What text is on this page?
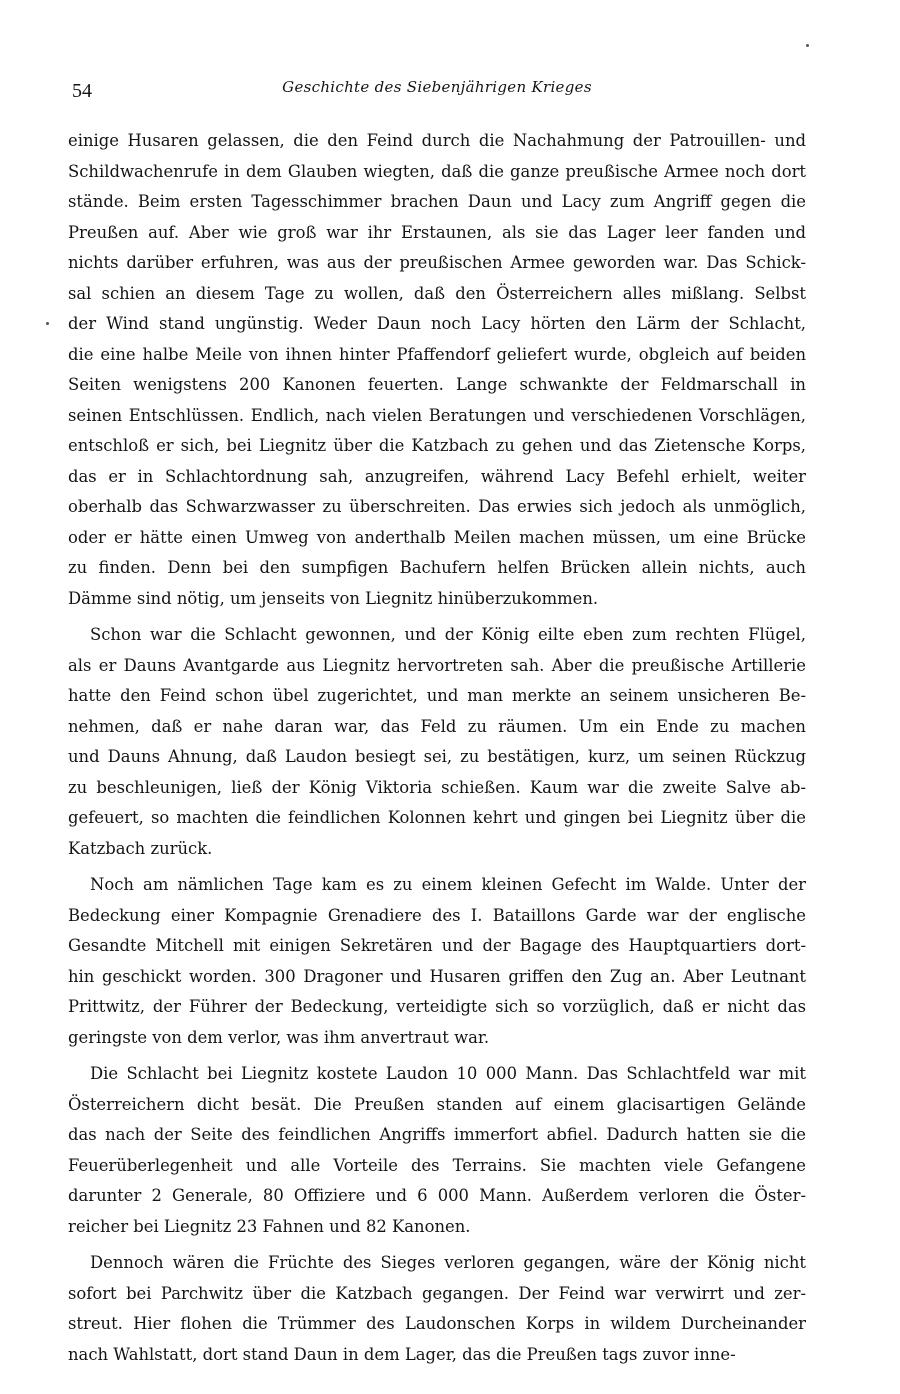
54	Geschichte des Siebenjährigen Krieges
einige Husaren gelassen, die den Feind durch die Nachahmung der Patrouillen- und
Schildwachenrufe in dem Glauben wiegten, daß die ganze preußische Armee noch dort
stände. Beim ersten Tagesschimmer brachen Daun und Lacy zum Angriff gegen die
Preußen auf. Aber wie groß war ihr Erstaunen, als sie das Lager leer fanden und
nichts darüber erfuhren, was aus der preußischen Armee geworden war. Das Schick-
sal schien an diesem Tage zu wollen, daß den Österreichern alles mißlang. Selbst
der Wind stand ungünstig. Weder Daun noch Lacy hörten den Lärm der Schlacht,
die eine halbe Meile von ihnen hinter Pfaffendorf geliefert wurde, obgleich auf beiden
Seiten wenigstens 200 Kanonen feuerten. Lange schwankte der Feldmarschall in
seinen Entschlüssen. Endlich, nach vielen Beratungen und verschiedenen Vorschlägen,
entschloß er sich, bei Liegnitz über die Katzbach zu gehen und das Zietensche Korps,
das er in Schlachtordnung sah, anzugreifen, während Lacy Befehl erhielt, weiter
oberhalb das Schwarzwasser zu überschreiten. Das erwies sich jedoch als unmöglich,
oder er hätte einen Umweg von anderthalb Meilen machen müssen, um eine Brücke
zu finden. Denn bei den sumpfigen Bachufern helfen Brücken allein nichts, auch
Dämme sind nötig, um jenseits von Liegnitz hinüberzukommen.
Schon war die Schlacht gewonnen, und der König eilte eben zum rechten Flügel,
als er Dauns Avantgarde aus Liegnitz hervortreten sah. Aber die preußische Artillerie
hatte den Feind schon übel zugerichtet, und man merkte an seinem unsicheren Be-
nehmen, daß er nahe daran war, das Feld zu räumen. Um ein Ende zu machen
und Dauns Ahnung, daß Laudon besiegt sei, zu bestätigen, kurz, um seinen Rückzug
zu beschleunigen, ließ der König Viktoria schießen. Kaum war die zweite Salve ab-
gefeuert, so machten die feindlichen Kolonnen kehrt und gingen bei Liegnitz über die
Katzbach zurück.
Noch am nämlichen Tage kam es zu einem kleinen Gefecht im Walde. Unter der
Bedeckung einer Kompagnie Grenadiere des I. Bataillons Garde war der englische
Gesandte Mitchell mit einigen Sekretären und der Bagage des Hauptquartiers dort-
hin geschickt worden. 300 Dragoner und Husaren griffen den Zug an. Aber Leutnant
Prittwitz, der Führer der Bedeckung, verteidigte sich so vorzüglich, daß er nicht das
geringste von dem verlor, was ihm anvertraut war.
Die Schlacht bei Liegnitz kostete Laudon 10 000 Mann. Das Schlachtfeld war mit
Österreichern dicht besät. Die Preußen standen auf einem glacisartigen Gelände
das nach der Seite des feindlichen Angriffs immerfort abfiel. Dadurch hatten sie die
Feuerüberlegenheit und alle Vorteile des Terrains. Sie machten viele Gefangene
darunter 2 Generale, 80 Offiziere und 6 000 Mann. Außerdem verloren die Öster-
reicher bei Liegnitz 23 Fahnen und 82 Kanonen.
Dennoch wären die Früchte des Sieges verloren gegangen, wäre der König nicht
sofort bei Parchwitz über die Katzbach gegangen. Der Feind war verwirrt und zer-
streut. Hier flohen die Trümmer des Laudonschen Korps in wildem Durcheinander
nach Wahlstatt, dort stand Daun in dem Lager, das die Preußen tags zuvor inne-
